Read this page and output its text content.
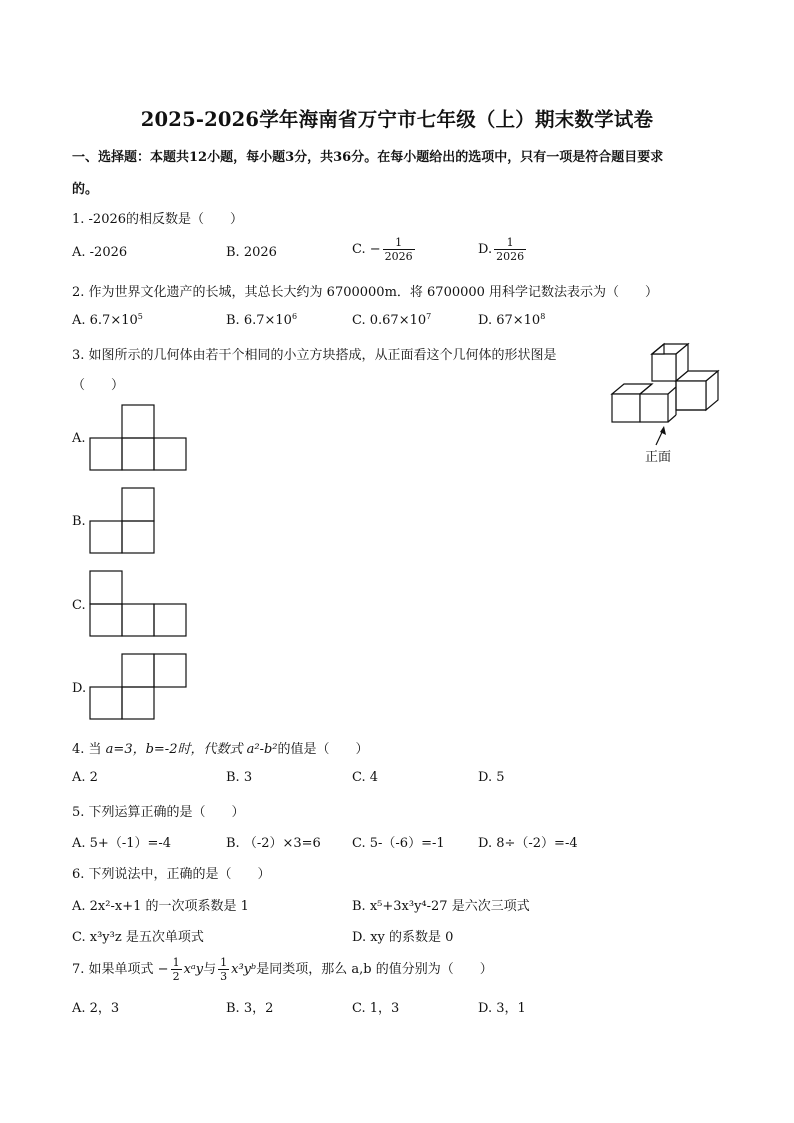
2025-2026学年海南省万宁市七年级（上）期末数学试卷
一、选择题：本题共12小题，每小题3分，共36分。在每小题给出的选项中，只有一项是符合题目要求
的。
1. -2026的相反数是（　　）
A. -2026	B. 2026	C. − $\frac{1}{2026}$	D. $\frac{1}{2026}$
2. 作为世界文化遗产的长城，其总长大约为 6700000m．将 6700000 用科学记数法表示为（　　）
A. $6.7\times 10^5$	B. $6.7\times 10^6$	C. $0.67\times 10^7$	D. $67\times 10^8$
3. 如图所示的几何体由若干个相同的小立方块搭成，从正面看这个几何体的形状图是
（　　）
正面
A.
B.
C.
D.
4. 当 a=3，b=-2时，代数式 a²-b²的值是（　　）
A. 2	B. 3	C. 4	D. 5
5. 下列运算正确的是（　　）
A. 5+（-1）=-4	B. （-2）×3=6 C. 5-（-6）=-1	D. 8÷（-2）=-4
6. 下列说法中，正确的是（　　）
A. 2x²-x+1 的一次项系数是 1	B. x⁵+3x³y⁴-27 是六次三项式
C. x³y³z 是五次单项式	D. xy 的系数是 0
7. 如果单项式 − $\frac{1}{2}$ xᵃy与 $\frac{1}{3}$ x³yᵇ是同类项，那么 a,b 的值分别为（　　）
A. 2，3	B. 3，2	C. 1，3	D. 3，1
